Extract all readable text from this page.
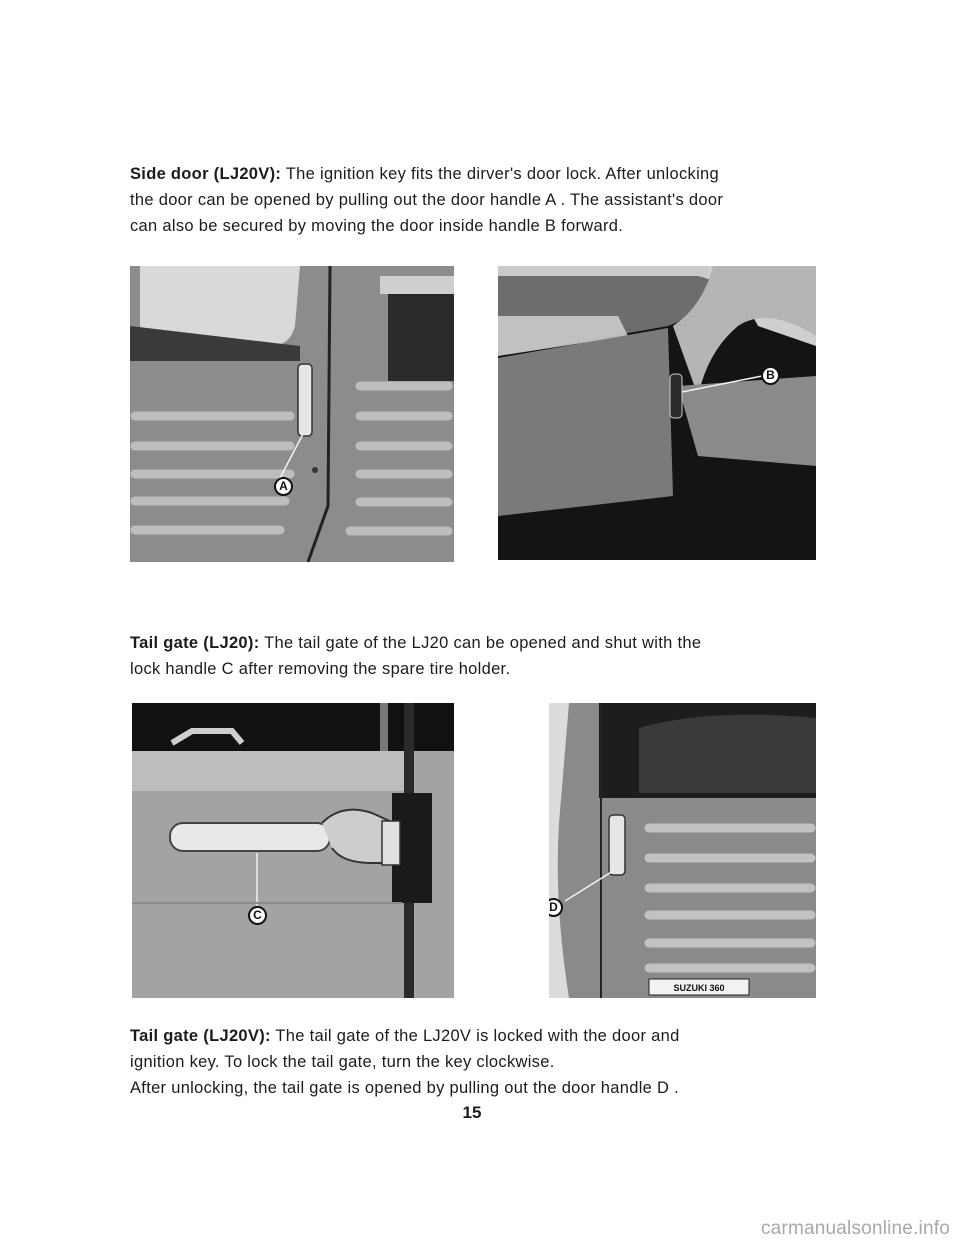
Side door (LJ20V): The ignition key fits the dirver's door lock. After unlocking
the door can be opened by pulling out the door handle A . The assistant's door
can also be secured by moving the door inside handle B forward.
A
B
Tail gate (LJ20): The tail gate of the LJ20 can be opened and shut with the
lock handle C after removing the spare tire holder.
C
SUZUKI 360
D
Tail gate (LJ20V): The tail gate of the LJ20V is locked with the door and
ignition key. To lock the tail gate, turn the key clockwise.
After unlocking, the tail gate is opened by pulling out the door handle D .
15
carmanualsonline.info
